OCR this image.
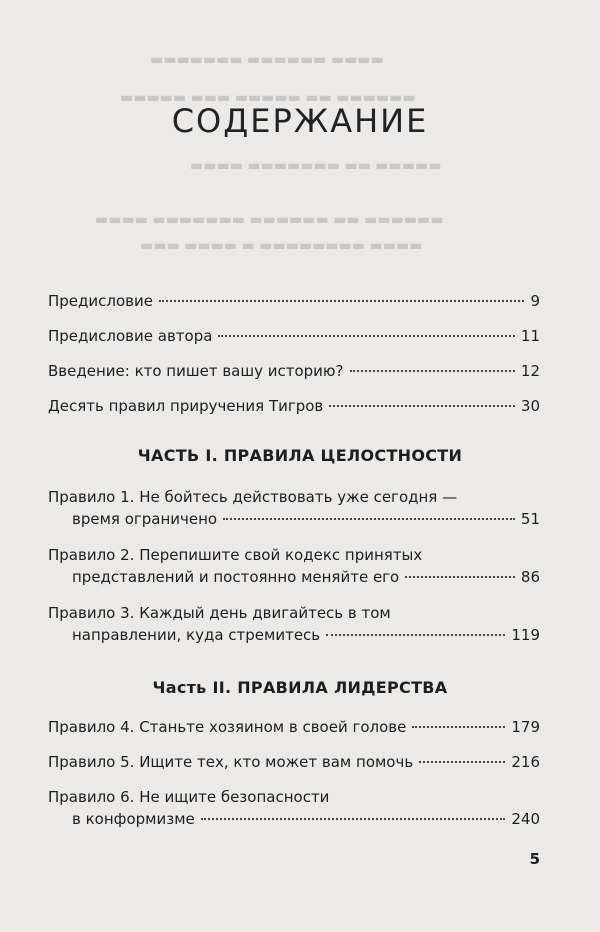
▬▬▬▬ ▬▬▬▬▬▬ ▬▬▬▬▬▬▬
▬▬▬▬▬▬ ▬▬ ▬▬▬▬▬ ▬▬▬ ▬▬▬▬▬
▬▬▬▬▬ ▬▬ ▬▬▬▬▬▬▬ ▬▬▬▬
▬▬▬▬▬▬ ▬▬ ▬▬▬▬▬▬ ▬▬▬▬▬▬▬ ▬▬▬▬
▬▬▬▬ ▬▬▬▬▬▬▬▬ ▬ ▬▬▬▬ ▬▬▬
СОДЕРЖАНИЕ
Предисловие	9
Предисловие автора	11
Введение: кто пишет вашу историю?	12
Десять правил приручения Тигров	30
ЧАСТЬ I. ПРАВИЛА ЦЕЛОСТНОСТИ
Правило 1. Не бойтесь действовать уже сегодня —
время ограничено	51
Правило 2. Перепишите свой кодекс принятых
представлений и постоянно меняйте его	86
Правило 3. Каждый день двигайтесь в том
направлении, куда стремитесь	119
Часть II. ПРАВИЛА ЛИДЕРСТВА
Правило 4. Станьте хозяином в своей голове	179
Правило 5. Ищите тех, кто может вам помочь	216
Правило 6. Не ищите безопасности
в конформизме	240
5
